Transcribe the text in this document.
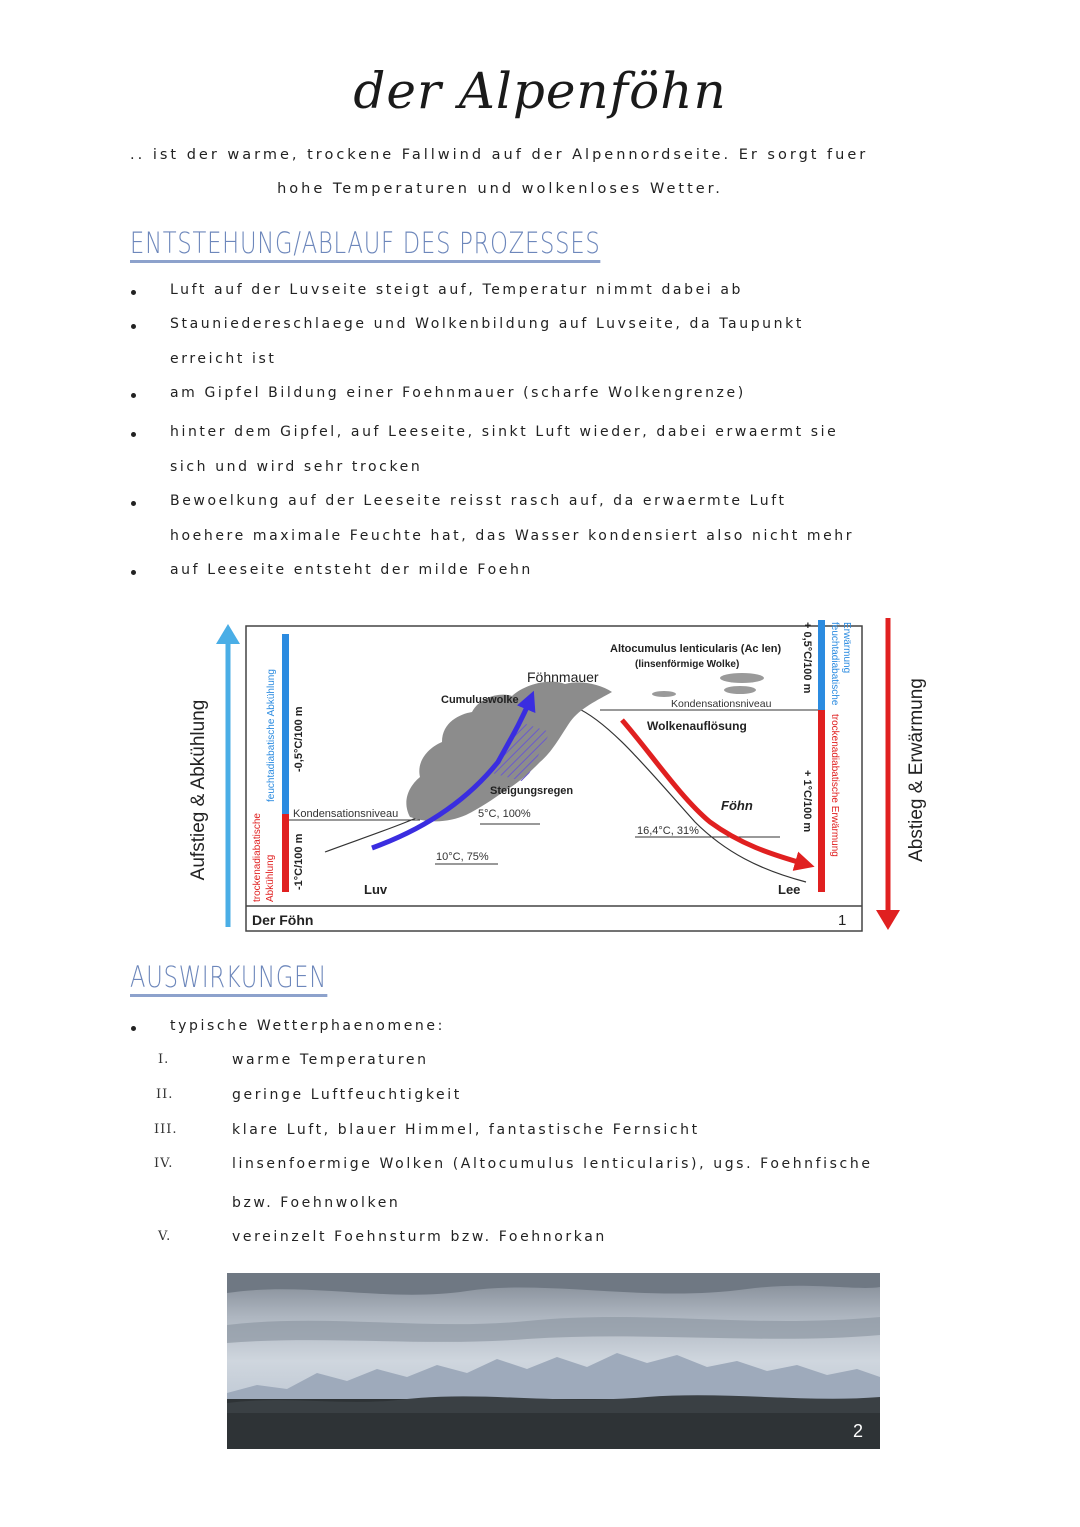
der Alpenföhn
.. ist der warme, trockene Fallwind auf der Alpennordseite. Er sorgt fuer
hohe Temperaturen und wolkenloses Wetter.
ENTSTEHUNG/ABLAUF DES PROZESSES
Luft auf der Luvseite steigt auf, Temperatur nimmt dabei ab
Stauniedereschlaege und Wolkenbildung auf Luvseite, da Taupunkt
erreicht ist
am Gipfel Bildung einer Foehnmauer (scharfe Wolkengrenze)
hinter dem Gipfel, auf Leeseite, sinkt Luft wieder, dabei erwaermt sie
sich und wird sehr trocken
Bewoelkung auf der Leeseite reisst rasch auf, da erwaermte Luft
hoehere maximale Feuchte hat, das Wasser kondensiert also nicht mehr
auf Leeseite entsteht der milde Foehn
Aufstieg & Abkühlung	Abstieg & Erwärmung
Der Föhn	1
feuchtadiabatische Abkühlung -0,5°C/100 m
trockenadiabatische Abkühlung -1°C/100 m
+ 0,5°C/100 m feuchtadiabatische Erwärmung
trockenadiabatische Erwärmung
+ 1°C/100 m
Altocumulus lenticularis (Ac len)
(linsenförmige Wolke)
Föhnmauer
Cumuluswolke
Kondensationsniveau
Kondensationsniveau
Wolkenauflösung
Steigungsregen
5°C, 100%
10°C, 75%
16,4°C, 31%
Föhn
Luv	Lee
AUSWIRKUNGEN
typische Wetterphaenomene:
I.	warme Temperaturen
II.	geringe Luftfeuchtigkeit
III.	klare Luft, blauer Himmel, fantastische Fernsicht
IV.	linsenfoermige Wolken (Altocumulus lenticularis), ugs. Foehnfische
bzw. Foehnwolken
V.	vereinzelt Foehnsturm bzw. Foehnorkan
2
